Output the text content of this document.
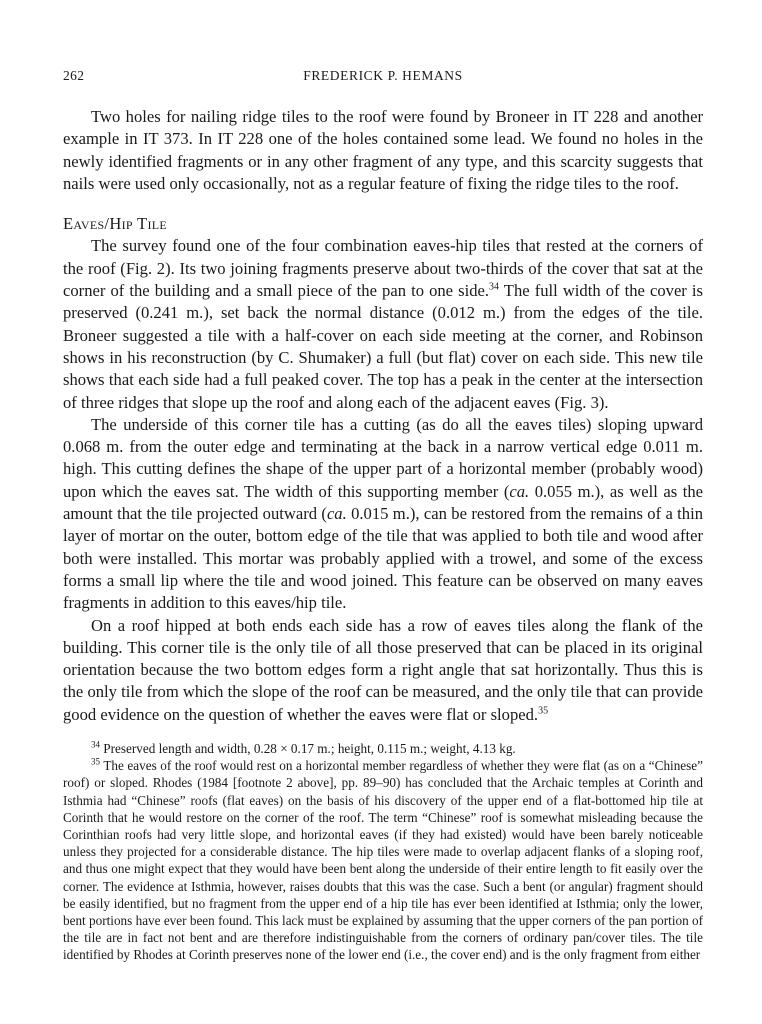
262	FREDERICK P. HEMANS

Two holes for nailing ridge tiles to the roof were found by Broneer in IT 228 and another example in IT 373. In IT 228 one of the holes contained some lead. We found no holes in the newly identified fragments or in any other fragment of any type, and this scarcity suggests that nails were used only occasionally, not as a regular feature of fixing the ridge tiles to the roof.

Eaves/Hip Tile

The survey found one of the four combination eaves-hip tiles that rested at the corners of the roof (Fig. 2). Its two joining fragments preserve about two-thirds of the cover that sat at the corner of the building and a small piece of the pan to one side.$^{34}$ The full width of the cover is preserved (0.241 m.), set back the normal distance (0.012 m.) from the edges of the tile. Broneer suggested a tile with a half-cover on each side meeting at the corner, and Robinson shows in his reconstruction (by C. Shumaker) a full (but flat) cover on each side. This new tile shows that each side had a full peaked cover. The top has a peak in the center at the intersection of three ridges that slope up the roof and along each of the adjacent eaves (Fig. 3).

The underside of this corner tile has a cutting (as do all the eaves tiles) sloping upward 0.068 m. from the outer edge and terminating at the back in a narrow vertical edge 0.011 m. high. This cutting defines the shape of the upper part of a horizontal member (probably wood) upon which the eaves sat. The width of this supporting member (ca. 0.055 m.), as well as the amount that the tile projected outward (ca. 0.015 m.), can be restored from the remains of a thin layer of mortar on the outer, bottom edge of the tile that was applied to both tile and wood after both were installed. This mortar was probably applied with a trowel, and some of the excess forms a small lip where the tile and wood joined. This feature can be observed on many eaves fragments in addition to this eaves/hip tile.

On a roof hipped at both ends each side has a row of eaves tiles along the flank of the building. This corner tile is the only tile of all those preserved that can be placed in its original orientation because the two bottom edges form a right angle that sat horizontally. Thus this is the only tile from which the slope of the roof can be measured, and the only tile that can provide good evidence on the question of whether the eaves were flat or sloped.$^{35}$

$^{34}$ Preserved length and width, 0.28 × 0.17 m.; height, 0.115 m.; weight, 4.13 kg.

$^{35}$ The eaves of the roof would rest on a horizontal member regardless of whether they were flat (as on a “Chinese” roof) or sloped. Rhodes (1984 [footnote 2 above], pp. 89–90) has concluded that the Archaic temples at Corinth and Isthmia had “Chinese” roofs (flat eaves) on the basis of his discovery of the upper end of a flat-bottomed hip tile at Corinth that he would restore on the corner of the roof. The term “Chinese” roof is somewhat misleading because the Corinthian roofs had very little slope, and horizontal eaves (if they had existed) would have been barely noticeable unless they projected for a considerable distance. The hip tiles were made to overlap adjacent flanks of a sloping roof, and thus one might expect that they would have been bent along the underside of their entire length to fit easily over the corner. The evidence at Isthmia, however, raises doubts that this was the case. Such a bent (or angular) fragment should be easily identified, but no fragment from the upper end of a hip tile has ever been identified at Isthmia; only the lower, bent portions have ever been found. This lack must be explained by assuming that the upper corners of the pan portion of the tile are in fact not bent and are therefore indistinguishable from the corners of ordinary pan/cover tiles. The tile identified by Rhodes at Corinth preserves none of the lower end (i.e., the cover end) and is the only fragment from either
